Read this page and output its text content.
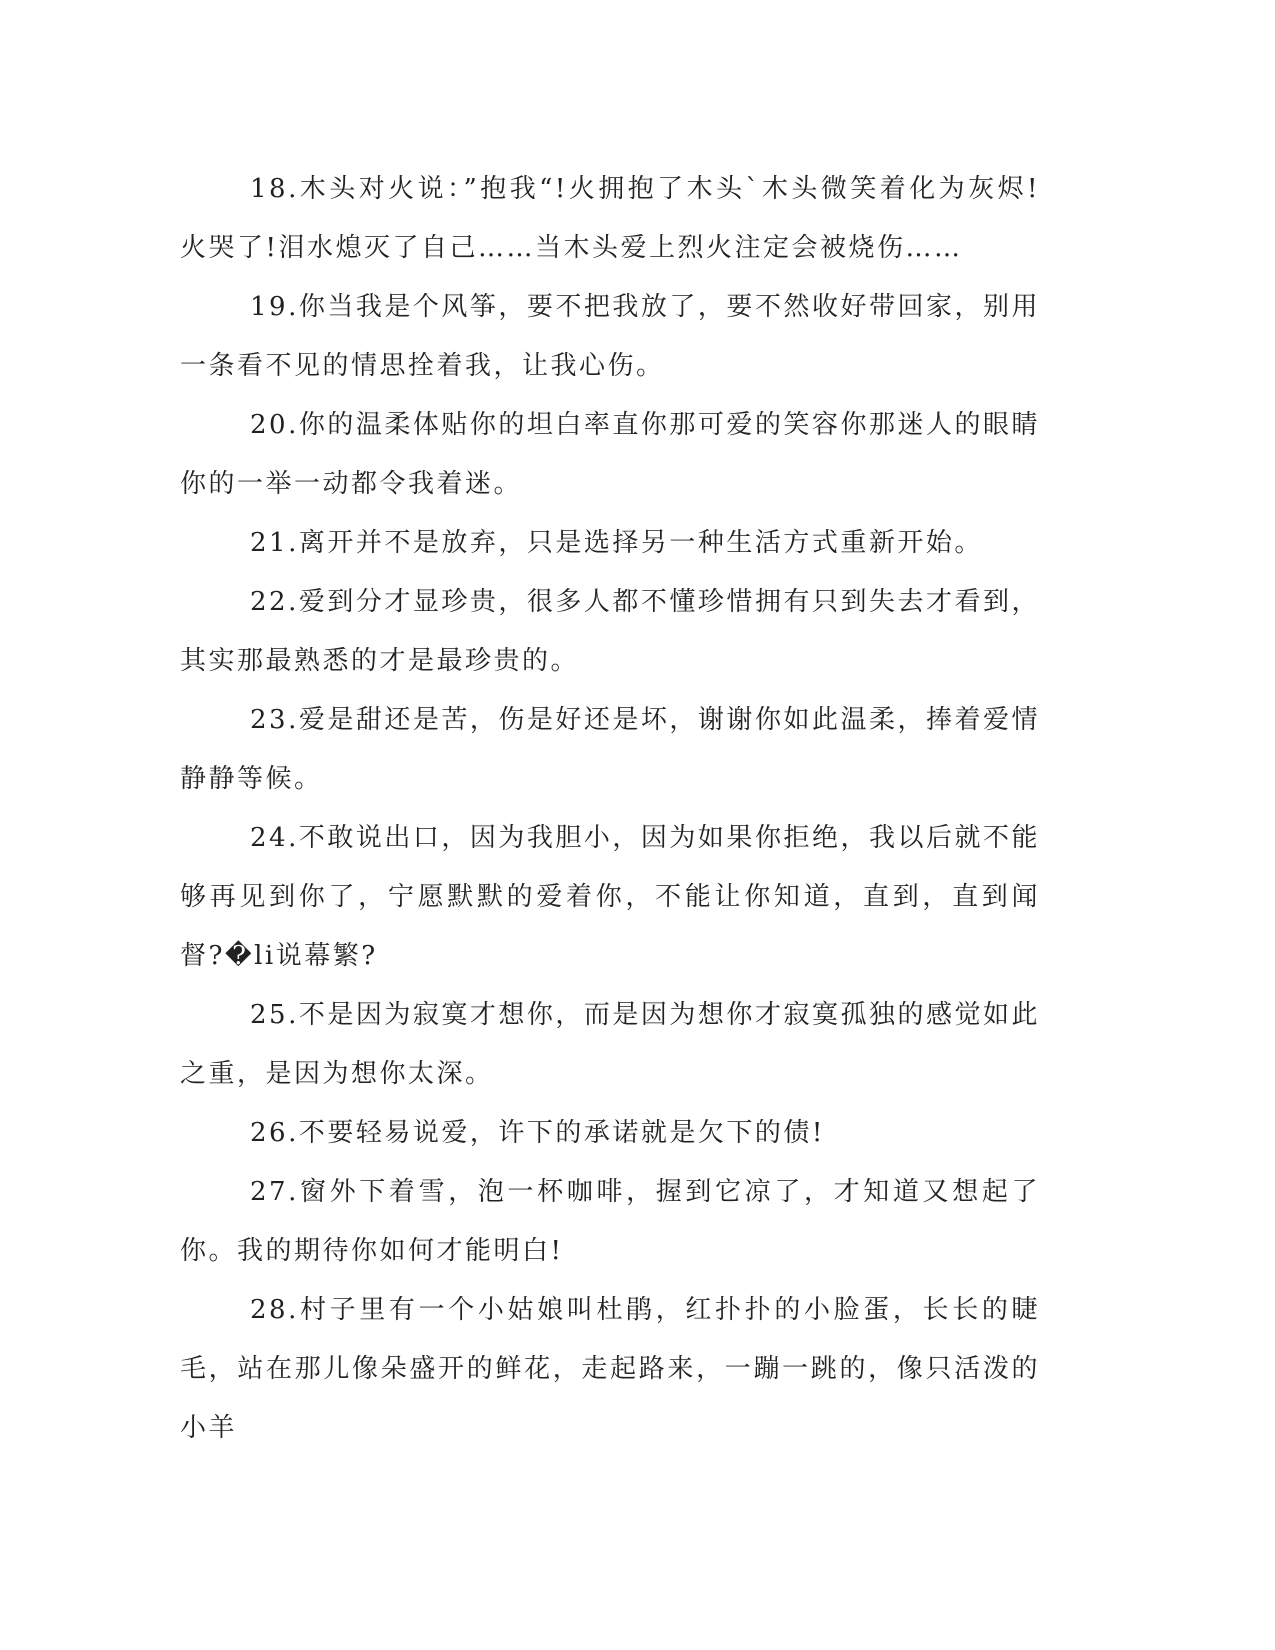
18.木头对火说：”抱我“!火拥抱了木头`木头微笑着化为灰烬!火哭了!泪水熄灭了自己……当木头爱上烈火注定会被烧伤……

19.你当我是个风筝，要不把我放了，要不然收好带回家，别用一条看不见的情思拴着我，让我心伤。

20.你的温柔体贴你的坦白率直你那可爱的笑容你那迷人的眼睛你的一举一动都令我着迷。

21.离开并不是放弃，只是选择另一种生活方式重新开始。

22.爱到分才显珍贵，很多人都不懂珍惜拥有只到失去才看到，其实那最熟悉的才是最珍贵的。

23.爱是甜还是苦，伤是好还是坏，谢谢你如此温柔，捧着爱情静静等候。

24.不敢说出口，因为我胆小，因为如果你拒绝，我以后就不能够再见到你了，宁愿默默的爱着你，不能让你知道，直到，直到闻督?�li说幕繁?

25.不是因为寂寞才想你，而是因为想你才寂寞孤独的感觉如此之重，是因为想你太深。

26.不要轻易说爱，许下的承诺就是欠下的债!

27.窗外下着雪，泡一杯咖啡，握到它凉了，才知道又想起了你。我的期待你如何才能明白!

28.村子里有一个小姑娘叫杜鹃，红扑扑的小脸蛋，长长的睫毛，站在那儿像朵盛开的鲜花，走起路来，一蹦一跳的，像只活泼的小羊
